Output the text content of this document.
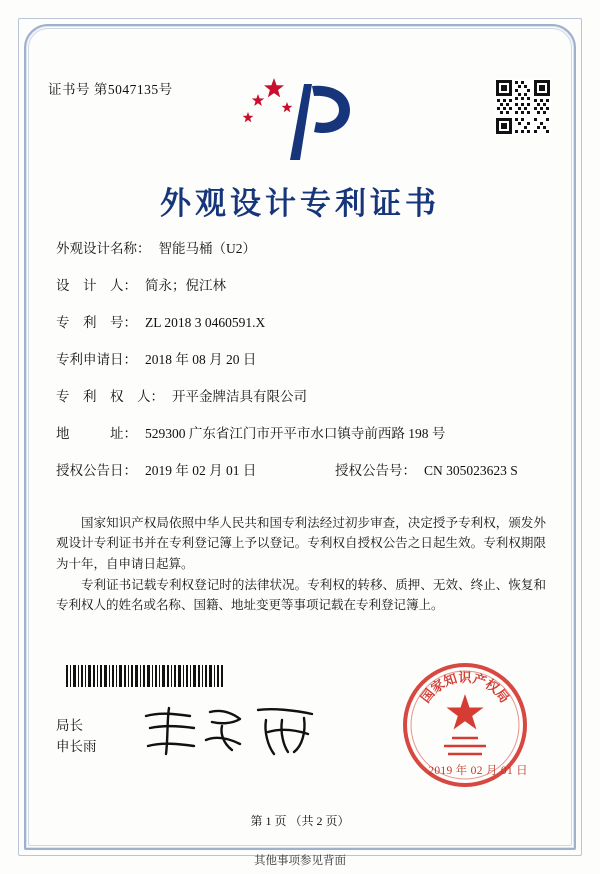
证书号 第5047135号
外观设计专利证书
外观设计名称： 智能马桶（U2）
设　计　人： 简永；倪江林
专　利　号： ZL 2018 3 0460591.X
专利申请日： 2018 年 08 月 20 日
专　利　权　人： 开平金牌洁具有限公司
地　　　址： 529300 广东省江门市开平市水口镇寺前西路 198 号
授权公告日： 2019 年 02 月 01 日	授权公告号： CN 305023623 S

国家知识产权局依照中华人民共和国专利法经过初步审查，决定授予专利权，颁发外观设计专利证书并在专利登记簿上予以登记。专利权自授权公告之日起生效。专利权期限为十年，自申请日起算。

专利证书记载专利权登记时的法律状况。专利权的转移、质押、无效、终止、恢复和专利权人的姓名或名称、国籍、地址变更等事项记载在专利登记簿上。

局长
申长雨
国
家
知 识 产
权
局
2019 年 02 月 01 日
第 1 页 （共 2 页）
其他事项参见背面
